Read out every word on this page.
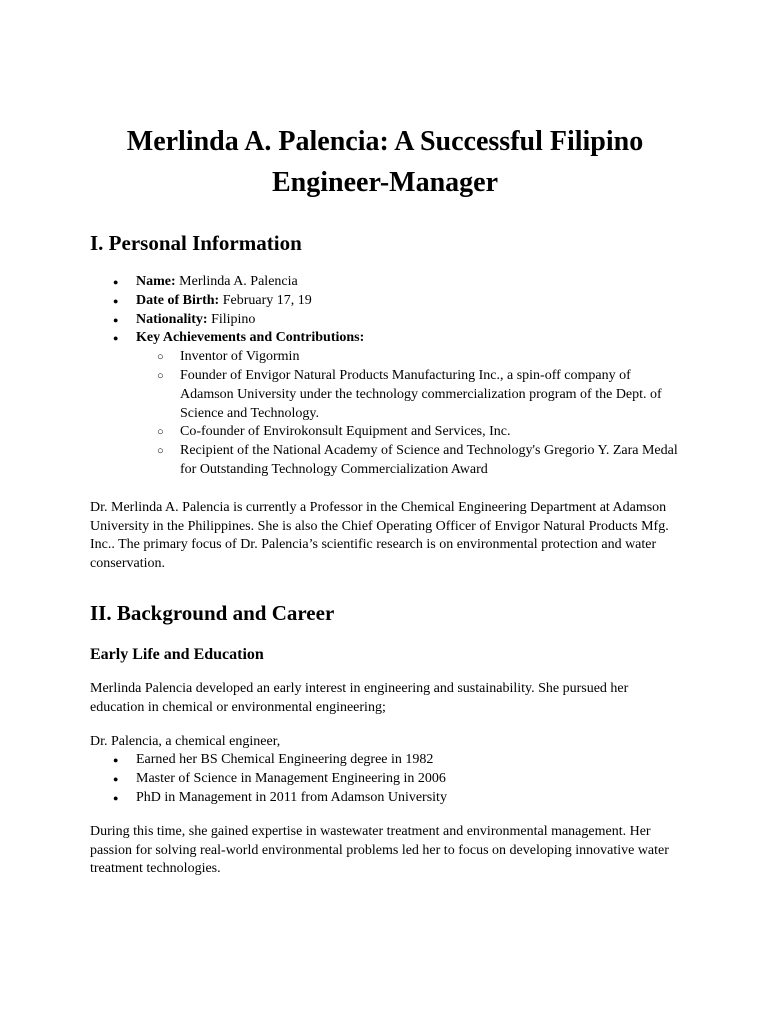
Merlinda A. Palencia: A Successful Filipino Engineer-Manager
I. Personal Information
● Name: Merlinda A. Palencia
● Date of Birth: February 17, 19
● Nationality: Filipino
● Key Achievements and Contributions:
○ Inventor of Vigormin
○ Founder of Envigor Natural Products Manufacturing Inc., a spin-off company of Adamson University under the technology commercialization program of the Dept. of Science and Technology.
○ Co-founder of Envirokonsult Equipment and Services, Inc.
○ Recipient of the National Academy of Science and Technology's Gregorio Y. Zara Medal for Outstanding Technology Commercialization Award

Dr. Merlinda A. Palencia is currently a Professor in the Chemical Engineering Department at Adamson University in the Philippines. She is also the Chief Operating Officer of Envigor Natural Products Mfg. Inc.. The primary focus of Dr. Palencia’s scientific research is on environmental protection and water conservation.

II. Background and Career
Early Life and Education

Merlinda Palencia developed an early interest in engineering and sustainability. She pursued her education in chemical or environmental engineering;

Dr. Palencia, a chemical engineer,

● Earned her BS Chemical Engineering degree in 1982
● Master of Science in Management Engineering in 2006
● PhD in Management in 2011 from Adamson University

During this time, she gained expertise in wastewater treatment and environmental management. Her passion for solving real-world environmental problems led her to focus on developing innovative water treatment technologies.
